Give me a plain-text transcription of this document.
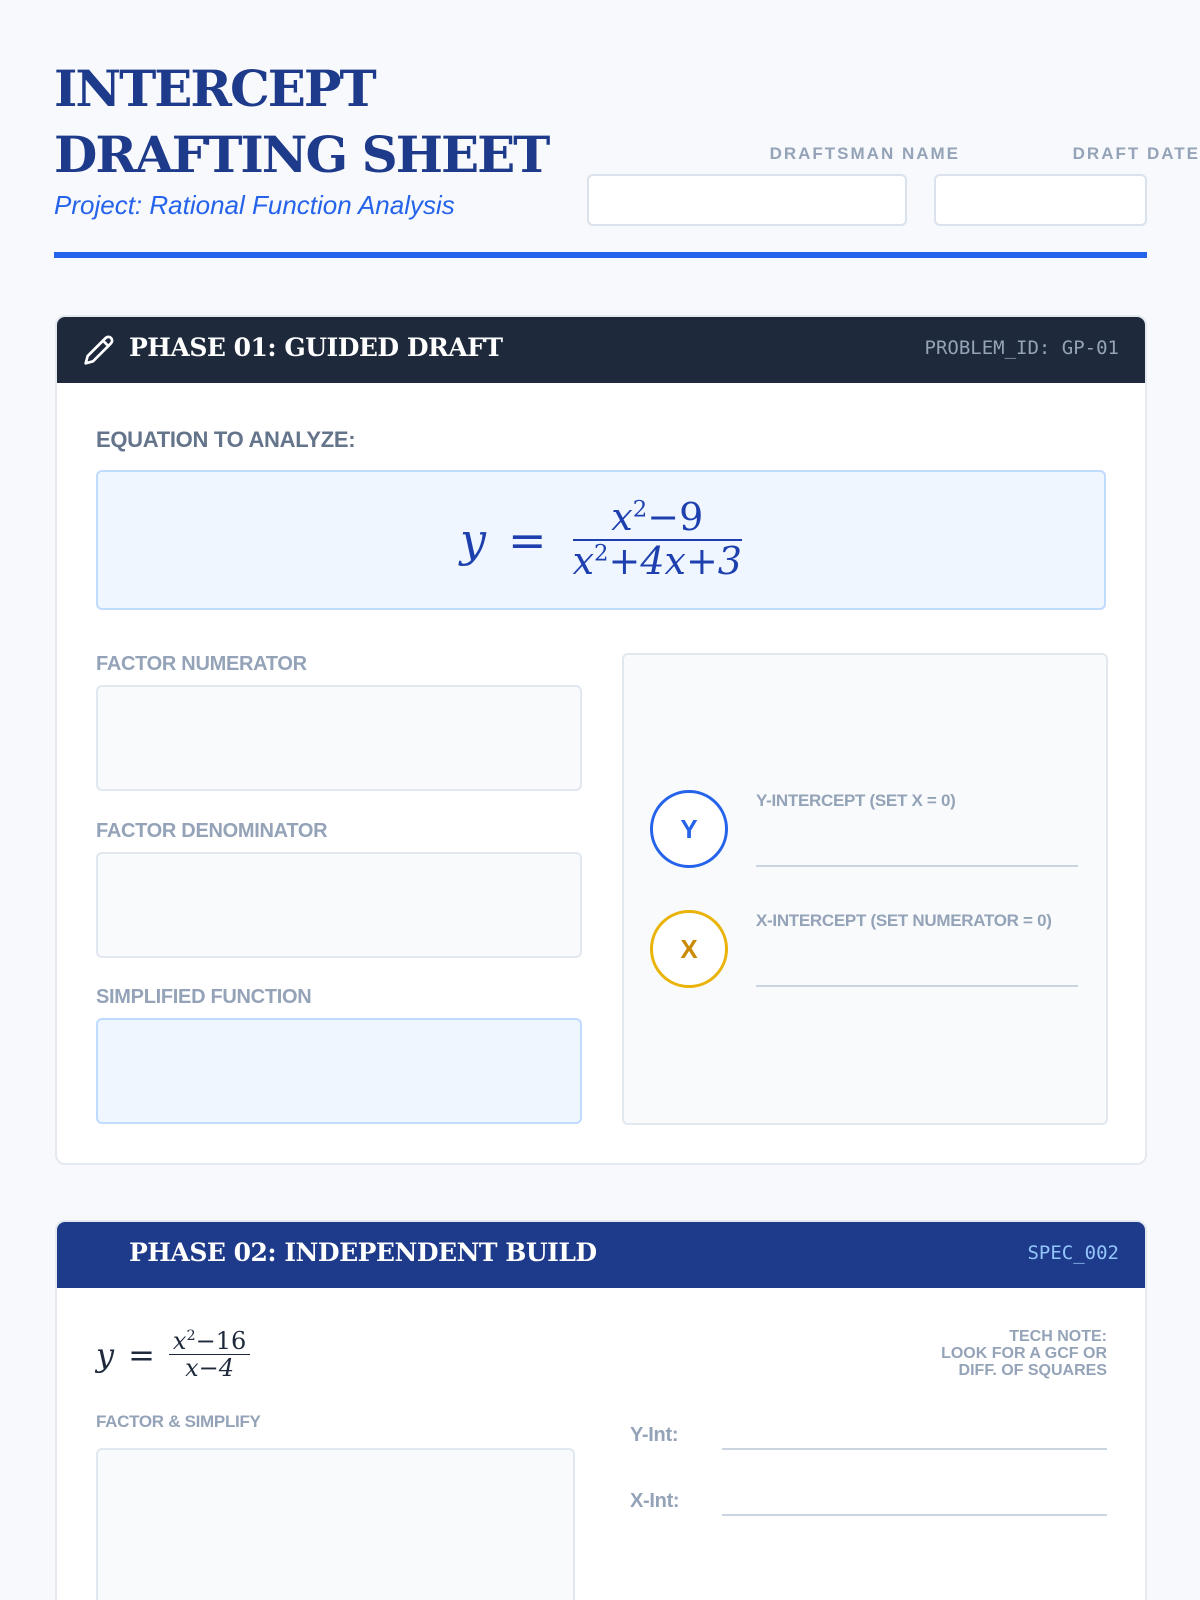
INTERCEPT
DRAFTING SHEET
Project: Rational Function Analysis
DRAFTSMAN NAME	DRAFT DATE
PHASE 01: GUIDED DRAFT	PROBLEM_ID: GP-01
EQUATION TO ANALYZE:
$y = \frac{x^2-9}{x^2+4x+3}$
FACTOR NUMERATOR
FACTOR DENOMINATOR
SIMPLIFIED FUNCTION
Y
Y-INTERCEPT (SET X = 0)
X
X-INTERCEPT (SET NUMERATOR = 0)
PHASE 02: INDEPENDENT BUILD	SPEC_002
$y = \frac{x^2-16}{x-4}$	TECH NOTE:
LOOK FOR A GCF OR
DIFF. OF SQUARES
FACTOR & SIMPLIFY
Y-Int:
X-Int:
